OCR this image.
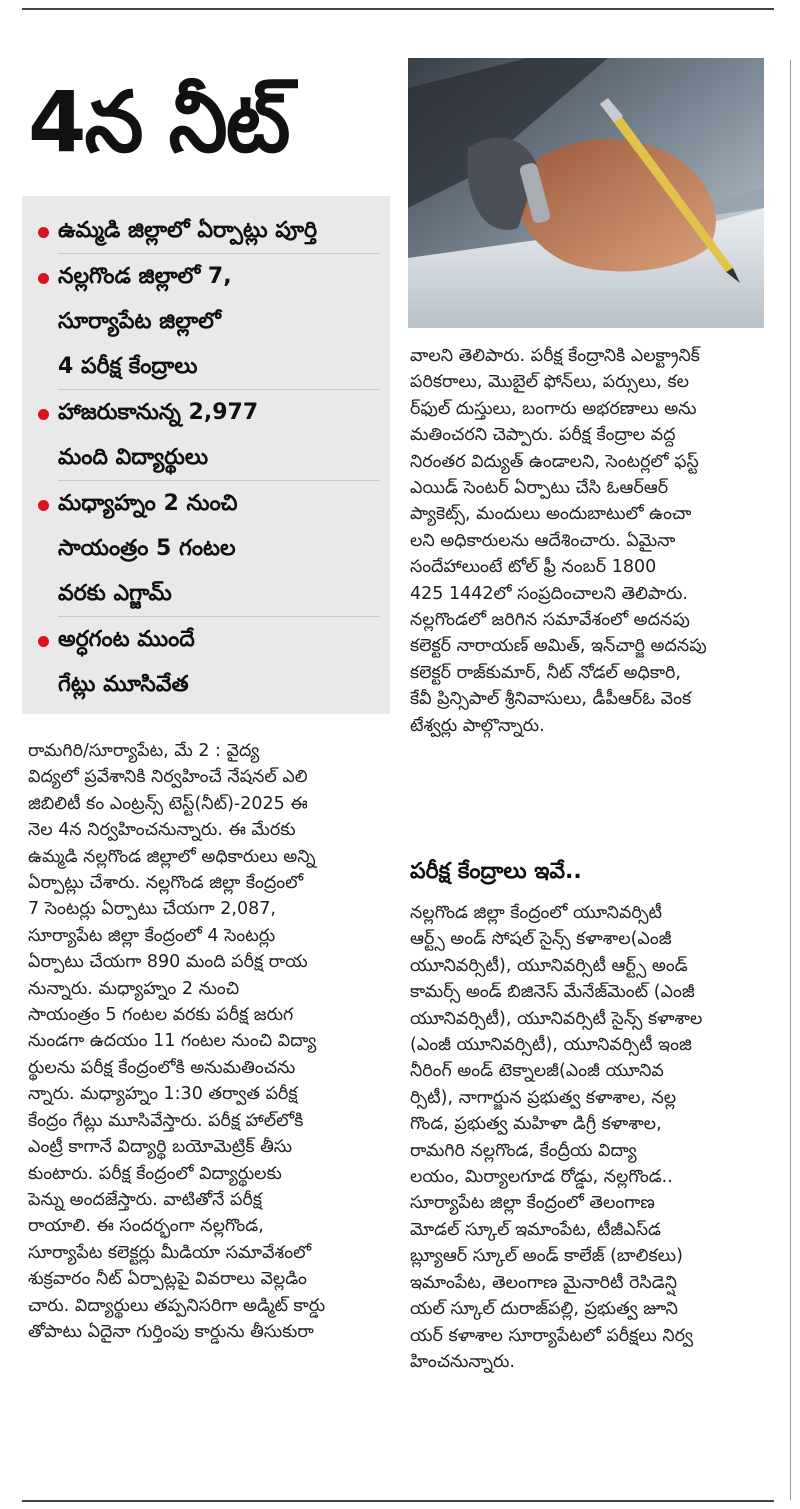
4న నీట్
ఉమ్మడి జిల్లాలో ఏర్పాట్లు పూర్తి
నల్లగొండ జిల్లాలో 7,
సూర్యాపేట జిల్లాలో
4 పరీక్ష కేంద్రాలు
హాజరుకానున్న 2,977
మంది విద్యార్థులు
మధ్యాహ్నం 2 నుంచి
సాయంత్రం 5 గంటల
వరకు ఎగ్జామ్
అర్ధగంట ముందే
గేట్లు మూసివేత

రామగిరి/సూర్యాపేట, మే 2 : వైద్య
విద్యలో ప్రవేశానికి నిర్వహించే నేషనల్ ఎలి
జిబిలిటీ కం ఎంట్రన్స్ టెస్ట్(నీట్)-2025 ఈ
నెల 4న నిర్వహించనున్నారు. ఈ మేరకు
ఉమ్మడి నల్లగొండ జిల్లాలో అధికారులు అన్ని
ఏర్పాట్లు చేశారు. నల్లగొండ జిల్లా కేంద్రంలో
7 సెంటర్లు ఏర్పాటు చేయగా 2,087,
సూర్యాపేట జిల్లా కేంద్రంలో 4 సెంటర్లు
ఏర్పాటు చేయగా 890 మంది పరీక్ష రాయ
నున్నారు. మధ్యాహ్నం 2 నుంచి
సాయంత్రం 5 గంటల వరకు పరీక్ష జరుగ
నుండగా ఉదయం 11 గంటల నుంచి విద్యా
ర్థులను పరీక్ష కేంద్రంలోకి అనుమతించను
న్నారు. మధ్యాహ్నం 1:30 తర్వాత పరీక్ష
కేంద్రం గేట్లు మూసివేస్తారు. పరీక్ష హాల్‌లోకి
ఎంట్రీ కాగానే విద్యార్థి బయోమెట్రిక్ తీసు
కుంటారు. పరీక్ష కేంద్రంలో విద్యార్థులకు
పెన్ను అందజేస్తారు. వాటితోనే పరీక్ష
రాయాలి. ఈ సందర్భంగా నల్లగొండ,
సూర్యాపేట కలెక్టర్లు మీడియా సమావేశంలో
శుక్రవారం నీట్ ఏర్పాట్లపై వివరాలు వెల్లడిం
చారు. విద్యార్థులు తప్పనిసరిగా అడ్మిట్ కార్డు
తోపాటు ఏదైనా గుర్తింపు కార్డును తీసుకురా

వాలని తెలిపారు. పరీక్ష కేంద్రానికి ఎలక్ట్రానిక్
పరికరాలు, మొబైల్ ఫోన్‌లు, పర్సులు, కల
ర్‌ఫుల్ దుస్తులు, బంగారు అభరణాలు అను
మతించరని చెప్పారు. పరీక్ష కేంద్రాల వద్ద
నిరంతర విద్యుత్ ఉండాలని, సెంటర్లలో ఫస్ట్
ఎయిడ్ సెంటర్ ఏర్పాటు చేసి ఓఆర్ఆర్
ప్యాకెట్స్, మందులు అందుబాటులో ఉంచా
లని అధికారులను ఆదేశించారు. ఏమైనా
సందేహాలుంటే టోల్ ఫ్రీ నంబర్ 1800
425 1442లో సంప్రదించాలని తెలిపారు.
నల్లగొండలో జరిగిన సమావేశంలో అదనపు
కలెక్టర్ నారాయణ్ అమిత్, ఇన్‌చార్జి అదనపు
కలెక్టర్ రాజ్‌కుమార్, నీట్ నోడల్ అధికారి,
కేవీ ప్రిన్సిపాల్ శ్రీనివాసులు, డీపీఆర్ఓ వెంక
టేశ్వర్లు పాల్గొన్నారు.

పరీక్ష కేంద్రాలు ఇవే..

నల్లగొండ జిల్లా కేంద్రంలో యూనివర్సిటీ
ఆర్ట్స్ అండ్ సోషల్ సైన్స్ కళాశాల(ఎంజీ
యూనివర్సిటీ), యూనివర్సిటీ ఆర్ట్స్ అండ్
కామర్స్ అండ్ బిజినెస్ మేనేజ్‌మెంట్ (ఎంజీ
యూనివర్సిటీ), యూనివర్సిటీ సైన్స్ కళాశాల
(ఎంజీ యూనివర్సిటీ), యూనివర్సిటీ ఇంజి
నీరింగ్ అండ్ టెక్నాలజీ(ఎంజీ యూనివ
ర్సిటీ), నాగార్జున ప్రభుత్వ కళాశాల, నల్ల
గొండ, ప్రభుత్వ మహిళా డిగ్రీ కళాశాల,
రామగిరి నల్లగొండ, కేంద్రీయ విద్యా
లయం, మిర్యాలగూడ రోడ్డు, నల్లగొండ..
సూర్యాపేట జిల్లా కేంద్రంలో తెలంగాణ
మోడల్ స్కూల్ ఇమాంపేట, టీజీఎస్‌డ
బ్ల్యూఆర్ స్కూల్ అండ్ కాలేజ్ (బాలికలు)
ఇమాంపేట, తెలంగాణ మైనారిటీ రెసిడెన్షి
యల్ స్కూల్ దురాజ్‌పల్లి, ప్రభుత్వ జూని
యర్ కళాశాల సూర్యాపేటలో పరీక్షలు నిర్వ
హించనున్నారు.
